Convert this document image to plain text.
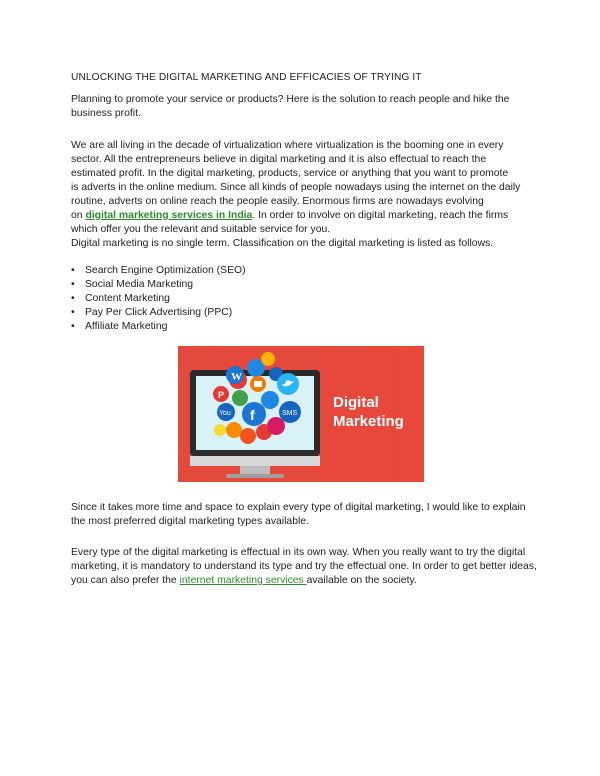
UNLOCKING THE DIGITAL MARKETING AND EFFICACIES OF TRYING IT
Planning to promote your service or products? Here is the solution to reach people and hike the business profit.
We are all living in the decade of virtualization where virtualization is the booming one in every
sector. All the entrepreneurs believe in digital marketing and it is also effectual to reach the
estimated profit. In the digital marketing, products, service or anything that you want to promote
is adverts in the online medium. Since all kinds of people nowadays using the internet on the daily
routine, adverts on online reach the people easily. Enormous firms are nowadays evolving
on digital marketing services in India. In order to involve on digital marketing, reach the firms
which offer you the relevant and suitable service for you.
Digital marketing is no single term. Classification on the digital marketing is listed as follows.
• Search Engine Optimization (SEO)
• Social Media Marketing
• Content Marketing
• Pay Per Click Advertising (PPC)
• Affiliate Marketing
W
P
You f	SMS
Digital
Marketing
Since it takes more time and space to explain every type of digital marketing, I would like to explain the most preferred digital marketing types available.
Every type of the digital marketing is effectual in its own way. When you really want to try the digital marketing, it is mandatory to understand its type and try the effectual one. In order to get better ideas, you can also prefer the internet marketing services available on the society.
